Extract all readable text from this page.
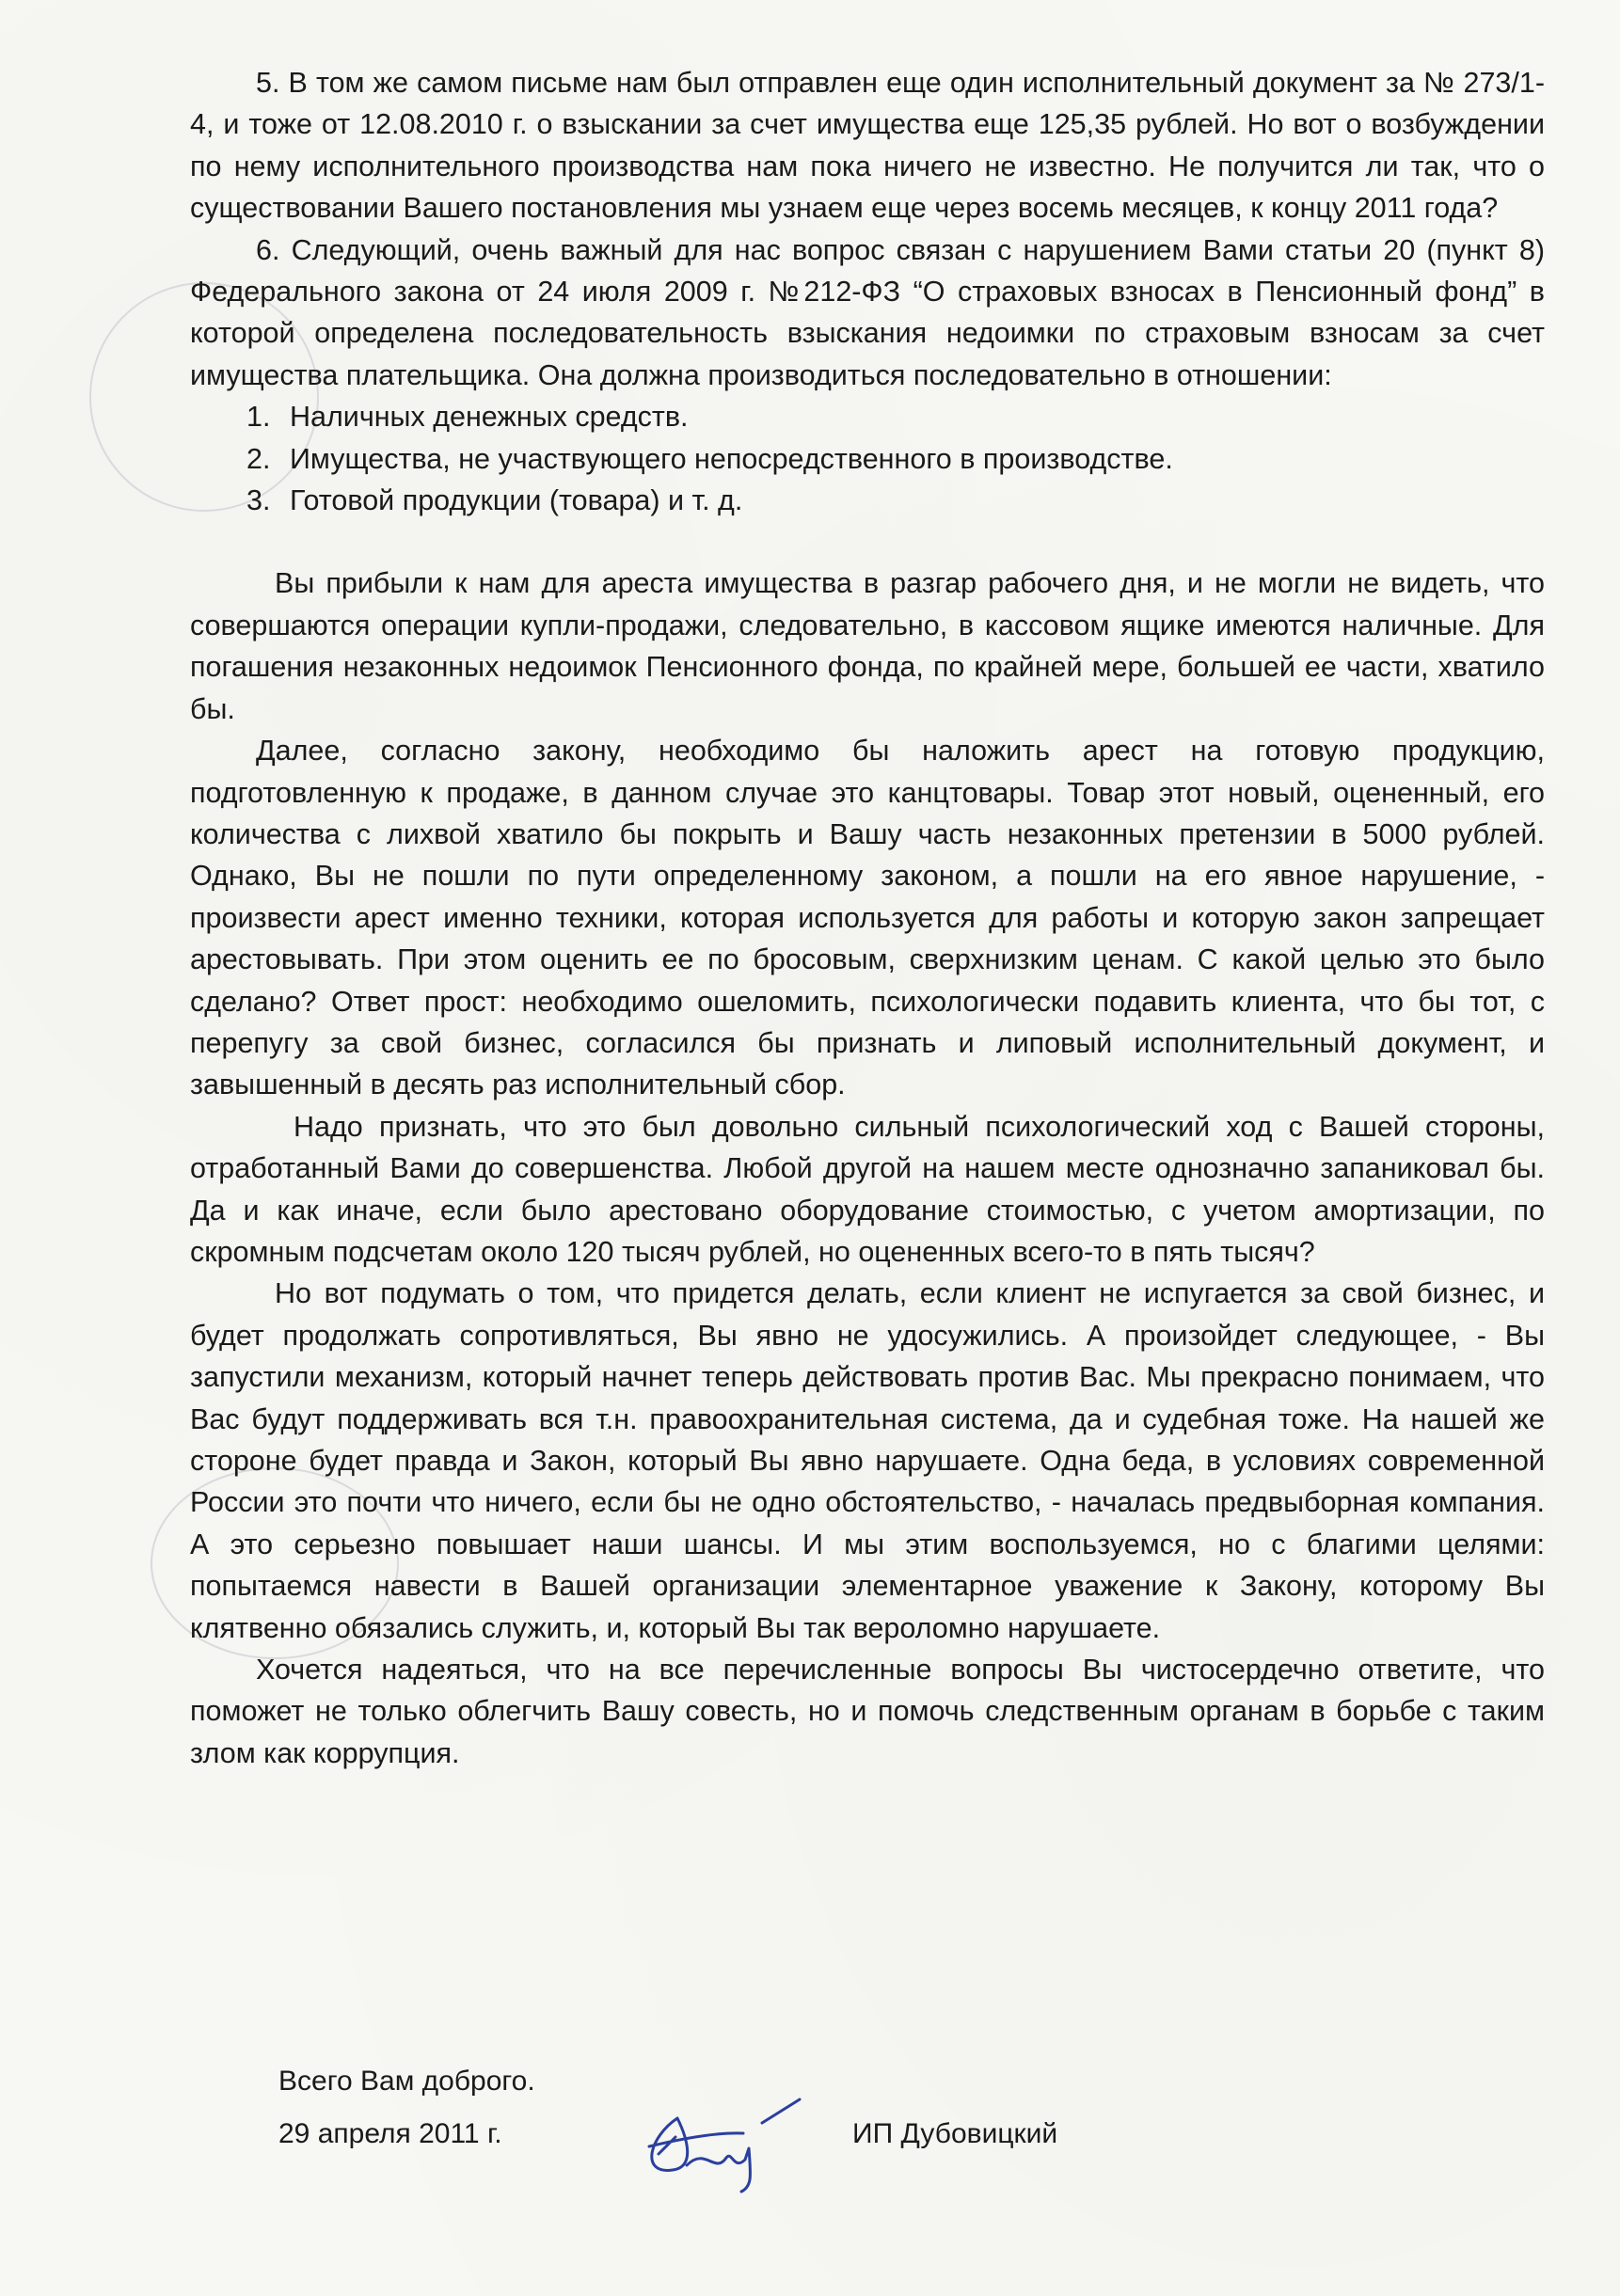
5. В том же самом письме нам был отправлен еще один исполнительный документ за № 273/1-4, и тоже от 12.08.2010 г. о взыскании за счет имущества еще 125,35 рублей. Но вот о возбуждении по нему исполнительного производства нам пока ничего не известно. Не получится ли так, что о существовании Вашего постановления мы узнаем еще через восемь месяцев, к концу 2011 года?

6. Следующий, очень важный для нас вопрос связан с нарушением Вами статьи 20 (пункт 8) Федерального закона от 24 июля 2009 г. №212-ФЗ “О страховых взносах в Пенсионный фонд” в которой определена последовательность взыскания недоимки по страховым взносам за счет имущества плательщика. Она должна производиться последовательно в отношении:

1. Наличных денежных средств.
2. Имущества, не участвующего непосредственного в производстве.
3. Готовой продукции (товара) и т. д.

Вы прибыли к нам для ареста имущества в разгар рабочего дня, и не могли не видеть, что совершаются операции купли-продажи, следовательно, в кассовом ящике имеются наличные. Для погашения незаконных недоимок Пенсионного фонда, по крайней мере, большей ее части, хватило бы.

Далее, согласно закону, необходимо бы наложить арест на готовую продукцию, подготовленную к продаже, в данном случае это канцтовары. Товар этот новый, оцененный, его количества с лихвой хватило бы покрыть и Вашу часть незаконных претензии в 5000 рублей. Однако, Вы не пошли по пути определенному законом, а пошли на его явное нарушение, - произвести арест именно техники, которая используется для работы и которую закон запрещает арестовывать. При этом оценить ее по бросовым, сверхнизким ценам. С какой целью это было сделано? Ответ прост: необходимо ошеломить, психологически подавить клиента, что бы тот, с перепугу за свой бизнес, согласился бы признать и липовый исполнительный документ, и завышенный в десять раз исполнительный сбор.

Надо признать, что это был довольно сильный психологический ход с Вашей стороны, отработанный Вами до совершенства. Любой другой на нашем месте однозначно запаниковал бы. Да и как иначе, если было арестовано оборудование стоимостью, с учетом амортизации, по скромным подсчетам около 120 тысяч рублей, но оцененных всего-то в пять тысяч?

Но вот подумать о том, что придется делать, если клиент не испугается за свой бизнес, и будет продолжать сопротивляться, Вы явно не удосужились. А произойдет следующее, - Вы запустили механизм, который начнет теперь действовать против Вас. Мы прекрасно понимаем, что Вас будут поддерживать вся т.н. правоохранительная система, да и судебная тоже. На нашей же стороне будет правда и Закон, который Вы явно нарушаете. Одна беда, в условиях современной России это почти что ничего, если бы не одно обстоятельство, - началась предвыборная компания. А это серьезно повышает наши шансы. И мы этим воспользуемся, но с благими целями: попытаемся навести в Вашей организации элементарное уважение к Закону, которому Вы клятвенно обязались служить, и, который Вы так вероломно нарушаете.

Хочется надеяться, что на все перечисленные вопросы Вы чистосердечно ответите, что поможет не только облегчить Вашу совесть, но и помочь следственным органам в борьбе с таким злом как коррупция.

Всего Вам доброго.
29 апреля 2011 г.	ИП Дубовицкий
